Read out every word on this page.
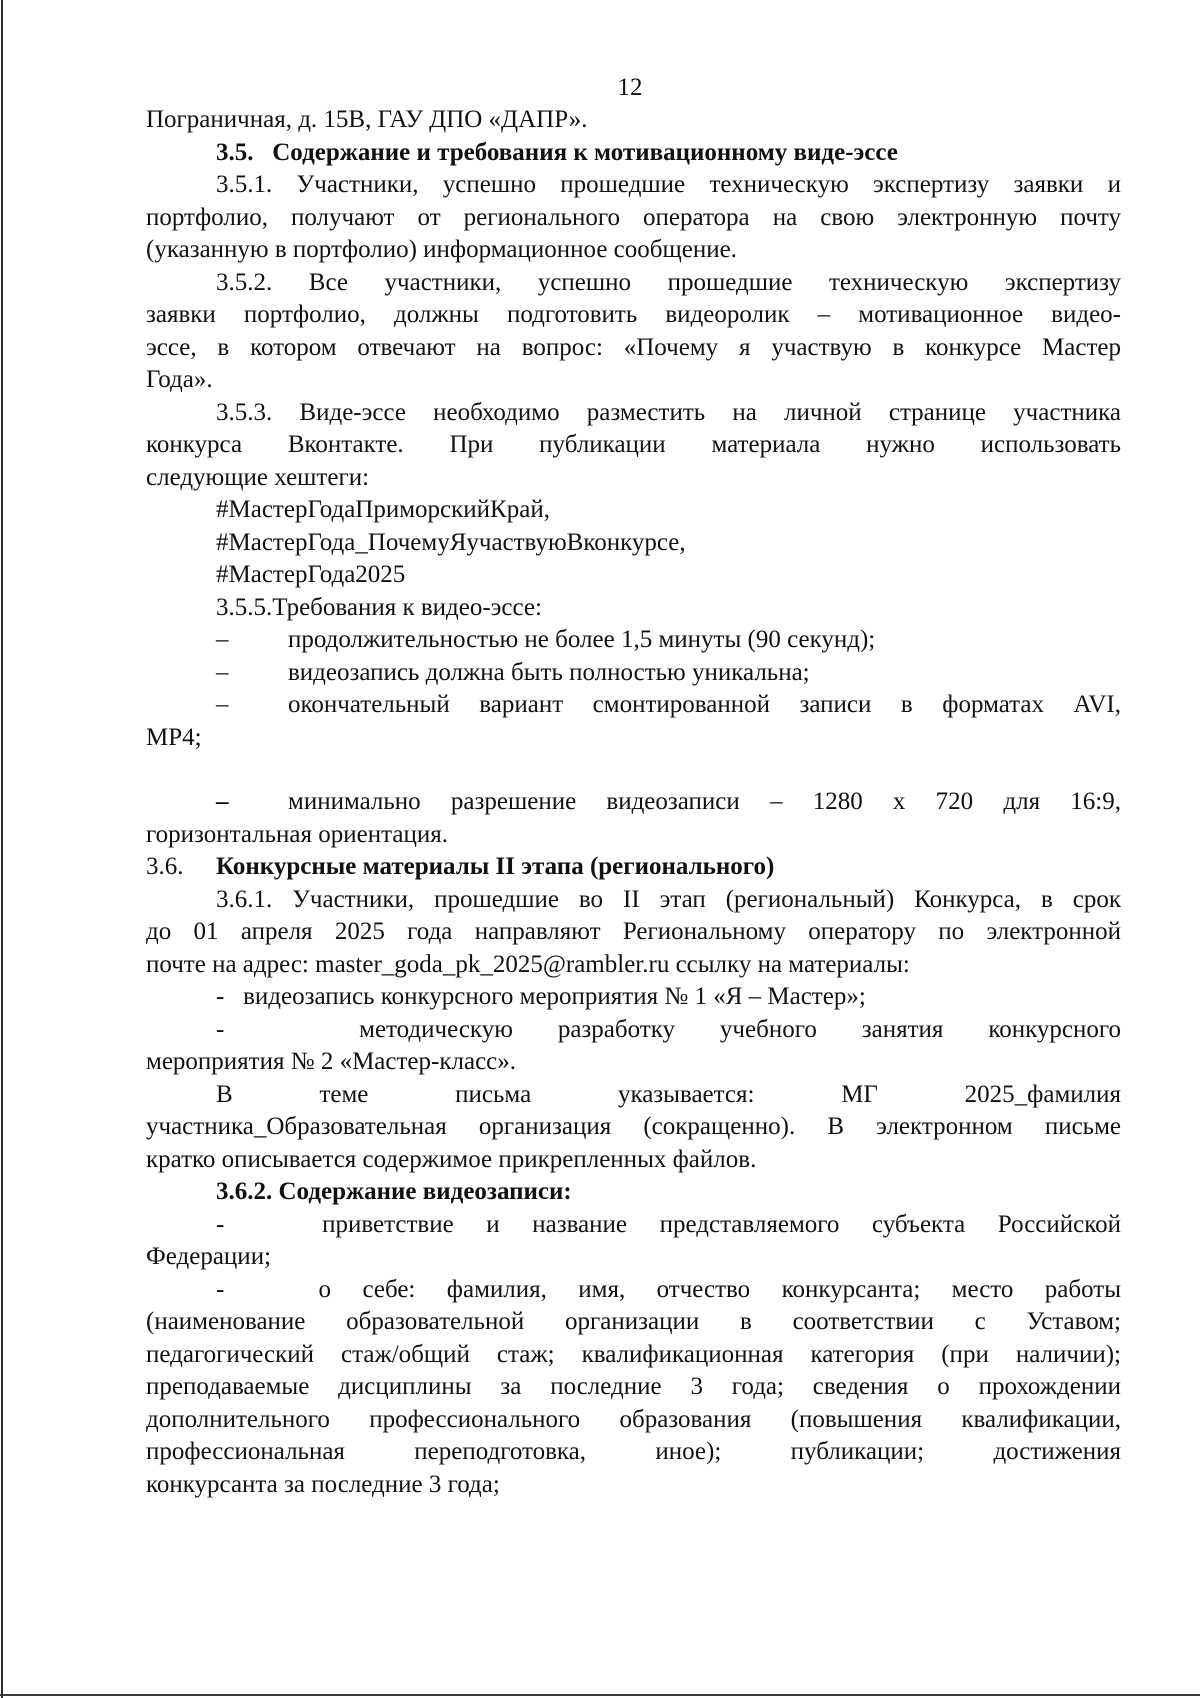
12

Пограничная, д. 15В, ГАУ ДПО «ДАПР».

3.5.   Содержание и требования к мотивационному виде-эссе

3.5.1. Участники, успешно прошедшие техническую экспертизу заявки и
портфолио, получают от регионального оператора на свою электронную почту
(указанную в портфолио) информационное сообщение.

3.5.2. Все участники, успешно прошедшие техническую экспертизу
заявки портфолио, должны подготовить видеоролик – мотивационное видео-
эссе, в котором отвечают на вопрос: «Почему я участвую в конкурсе Мастер
Года».

3.5.3. Виде-эссе необходимо разместить на личной странице участника
конкурса Вконтакте. При публикации материала нужно использовать
следующие хештеги:

#МастерГодаПриморскийКрай,

#МастерГода_ПочемуЯучаствуюВконкурсе,

#МастерГода2025

3.5.5.Требования к видео-эссе:

– продолжительностью не более 1,5 минуты (90 секунд);

– видеозапись должна быть полностью уникальна;

– окончательный вариант смонтированной записи в форматах AVI,
MP4;

– минимально разрешение видеозаписи – 1280 х 720 для 16:9,
горизонтальная ориентация.

3.6. Конкурсные материалы II этапа (регионального)

3.6.1. Участники, прошедшие во II этап (региональный) Конкурса, в срок
до 01 апреля 2025 года направляют Региональному оператору по электронной
почте на адрес: master_goda_pk_2025@rambler.ru ссылку на материалы:

- видеозапись конкурсного мероприятия № 1 «Я – Мастер»;

-	методическую разработку учебного занятия конкурсного
мероприятия № 2 «Мастер-класс».

В теме письма указывается: МГ 2025_фамилия
участника_Образовательная организация (сокращенно). В электронном письме
кратко описывается содержимое прикрепленных файлов.

3.6.2. Содержание видеозаписи:

-	приветствие и название представляемого субъекта Российской
Федерации;

-	о себе: фамилия, имя, отчество конкурсанта; место работы
(наименование образовательной организации в соответствии с Уставом;
педагогический стаж/общий стаж; квалификационная категория (при наличии);
преподаваемые дисциплины за последние 3 года; сведения о прохождении
дополнительного профессионального образования (повышения квалификации,
профессиональная переподготовка, иное); публикации; достижения
конкурсанта за последние 3 года;
